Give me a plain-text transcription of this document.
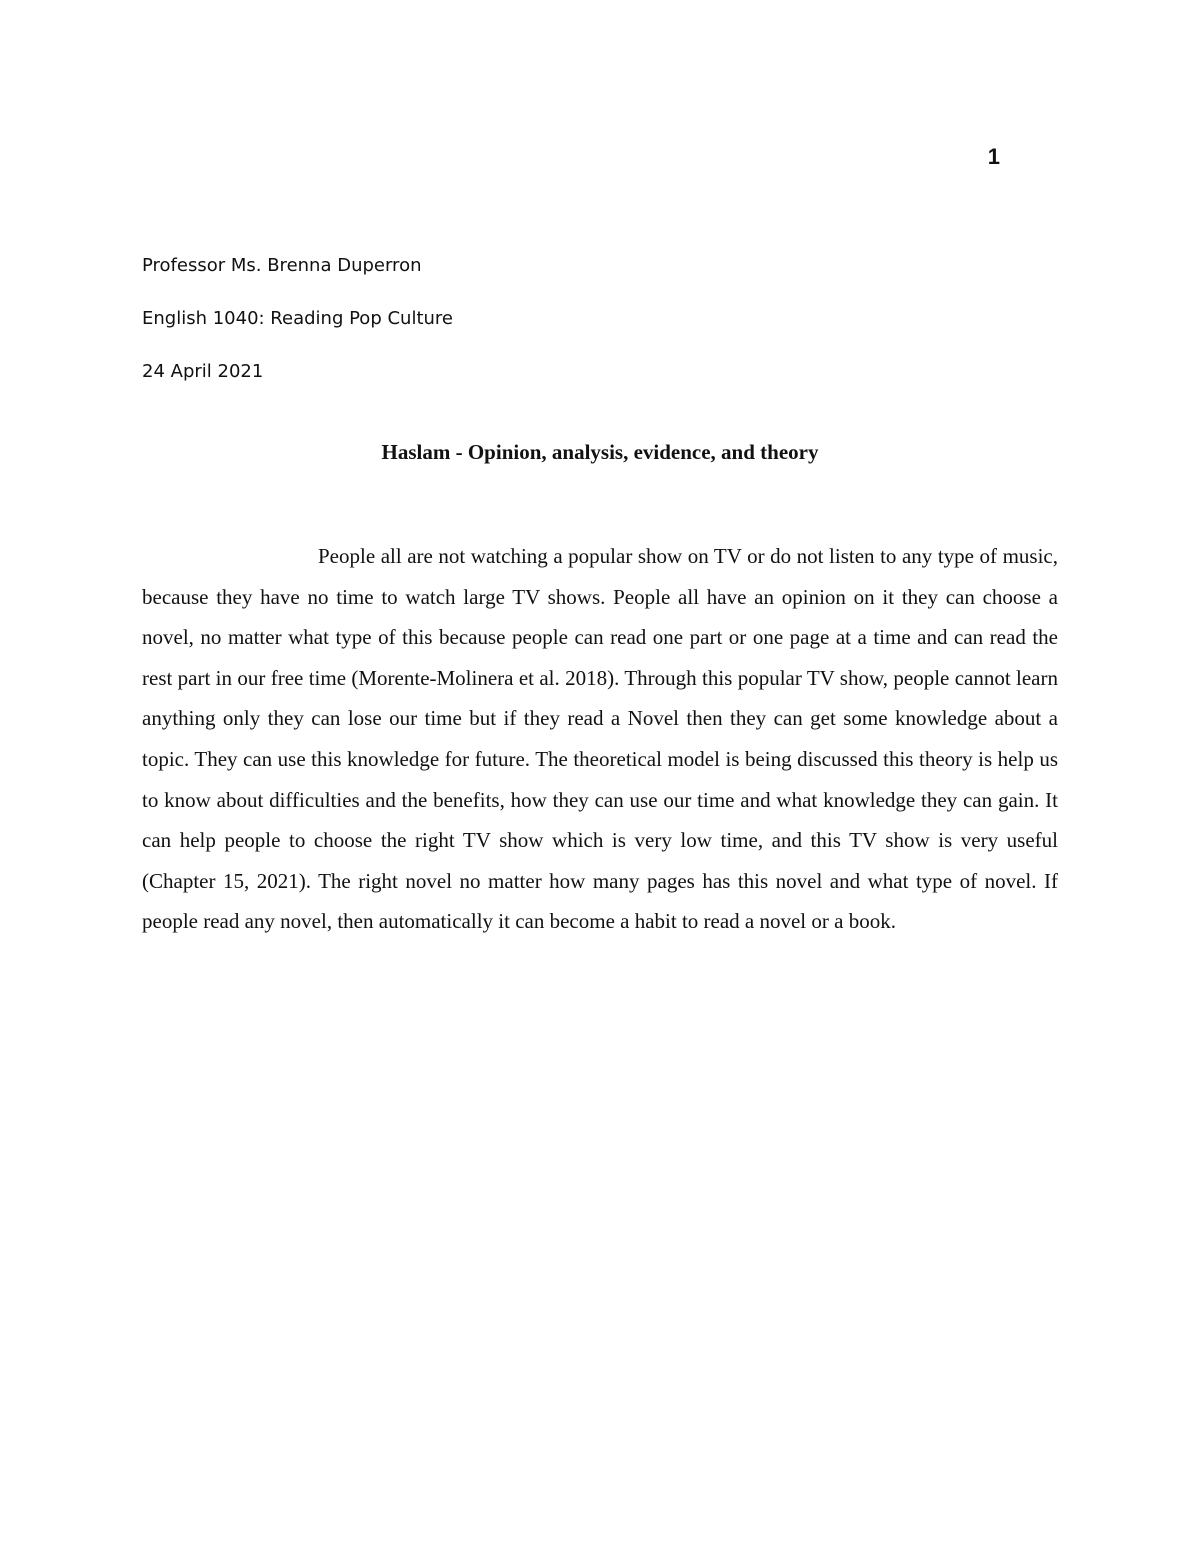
1
Professor Ms. Brenna Duperron
English 1040: Reading Pop Culture
24 April 2021
Haslam - Opinion, analysis, evidence, and theory

People all are not watching a popular show on TV or do not listen to any type of music, because they have no time to watch large TV shows. People all have an opinion on it they can choose a novel, no matter what type of this because people can read one part or one page at a time and can read the rest part in our free time (Morente-Molinera et al. 2018). Through this popular TV show, people cannot learn anything only they can lose our time but if they read a Novel then they can get some knowledge about a topic. They can use this knowledge for future. The theoretical model is being discussed this theory is help us to know about difficulties and the benefits, how they can use our time and what knowledge they can gain. It can help people to choose the right TV show which is very low time, and this TV show is very useful (Chapter 15, 2021). The right novel no matter how many pages has this novel and what type of novel. If people read any novel, then automatically it can become a habit to read a novel or a book.
